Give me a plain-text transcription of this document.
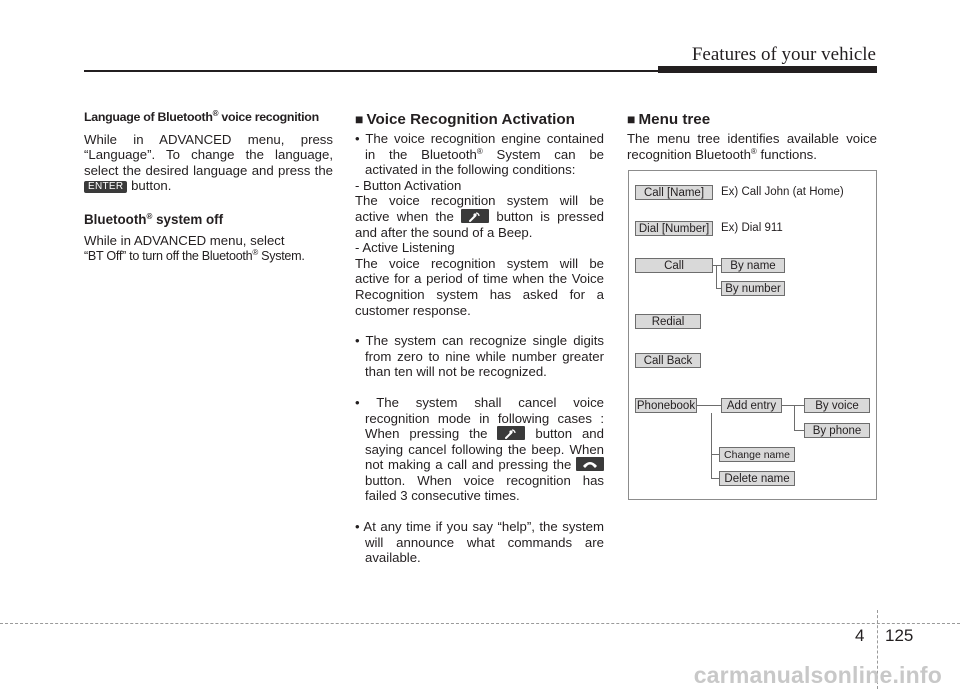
Features of your vehicle

Language of Bluetooth® voice recognition

While in ADVANCED menu, press “Language”. To change the language, select the desired language and press the ENTER button.

Bluetooth® system off

While in ADVANCED menu, select

“BT Off” to turn off the Bluetooth® System.

■ Voice Recognition Activation

• The voice recognition engine contained in the Bluetooth® System can be activated in the following conditions:

- Button Activation

The voice recognition system will be active when the	button is pressed and after the sound of a Beep.

- Active Listening

The voice recognition system will be active for a period of time when the Voice Recognition system has asked for a customer response.

• The system can recognize single digits from zero to nine while number greater than ten will not be recognized.

• The system shall cancel voice recognition mode in following cases : When pressing the	button and saying cancel following the beep. When not making a call and pressing the
button. When voice recognition has failed 3 consecutive times.

• At any time if you say “help”, the system will announce what commands are available.

■ Menu tree

The menu tree identifies available voice recognition Bluetooth® functions.

Call [Name]	Ex) Call John (at Home)
Dial [Number]	Ex) Dial 911
Call	By name
By number
Redial
Call Back
Phonebook	Add entry	By voice
By phone
Change name
Delete name
4 125
carmanualsonline.info
